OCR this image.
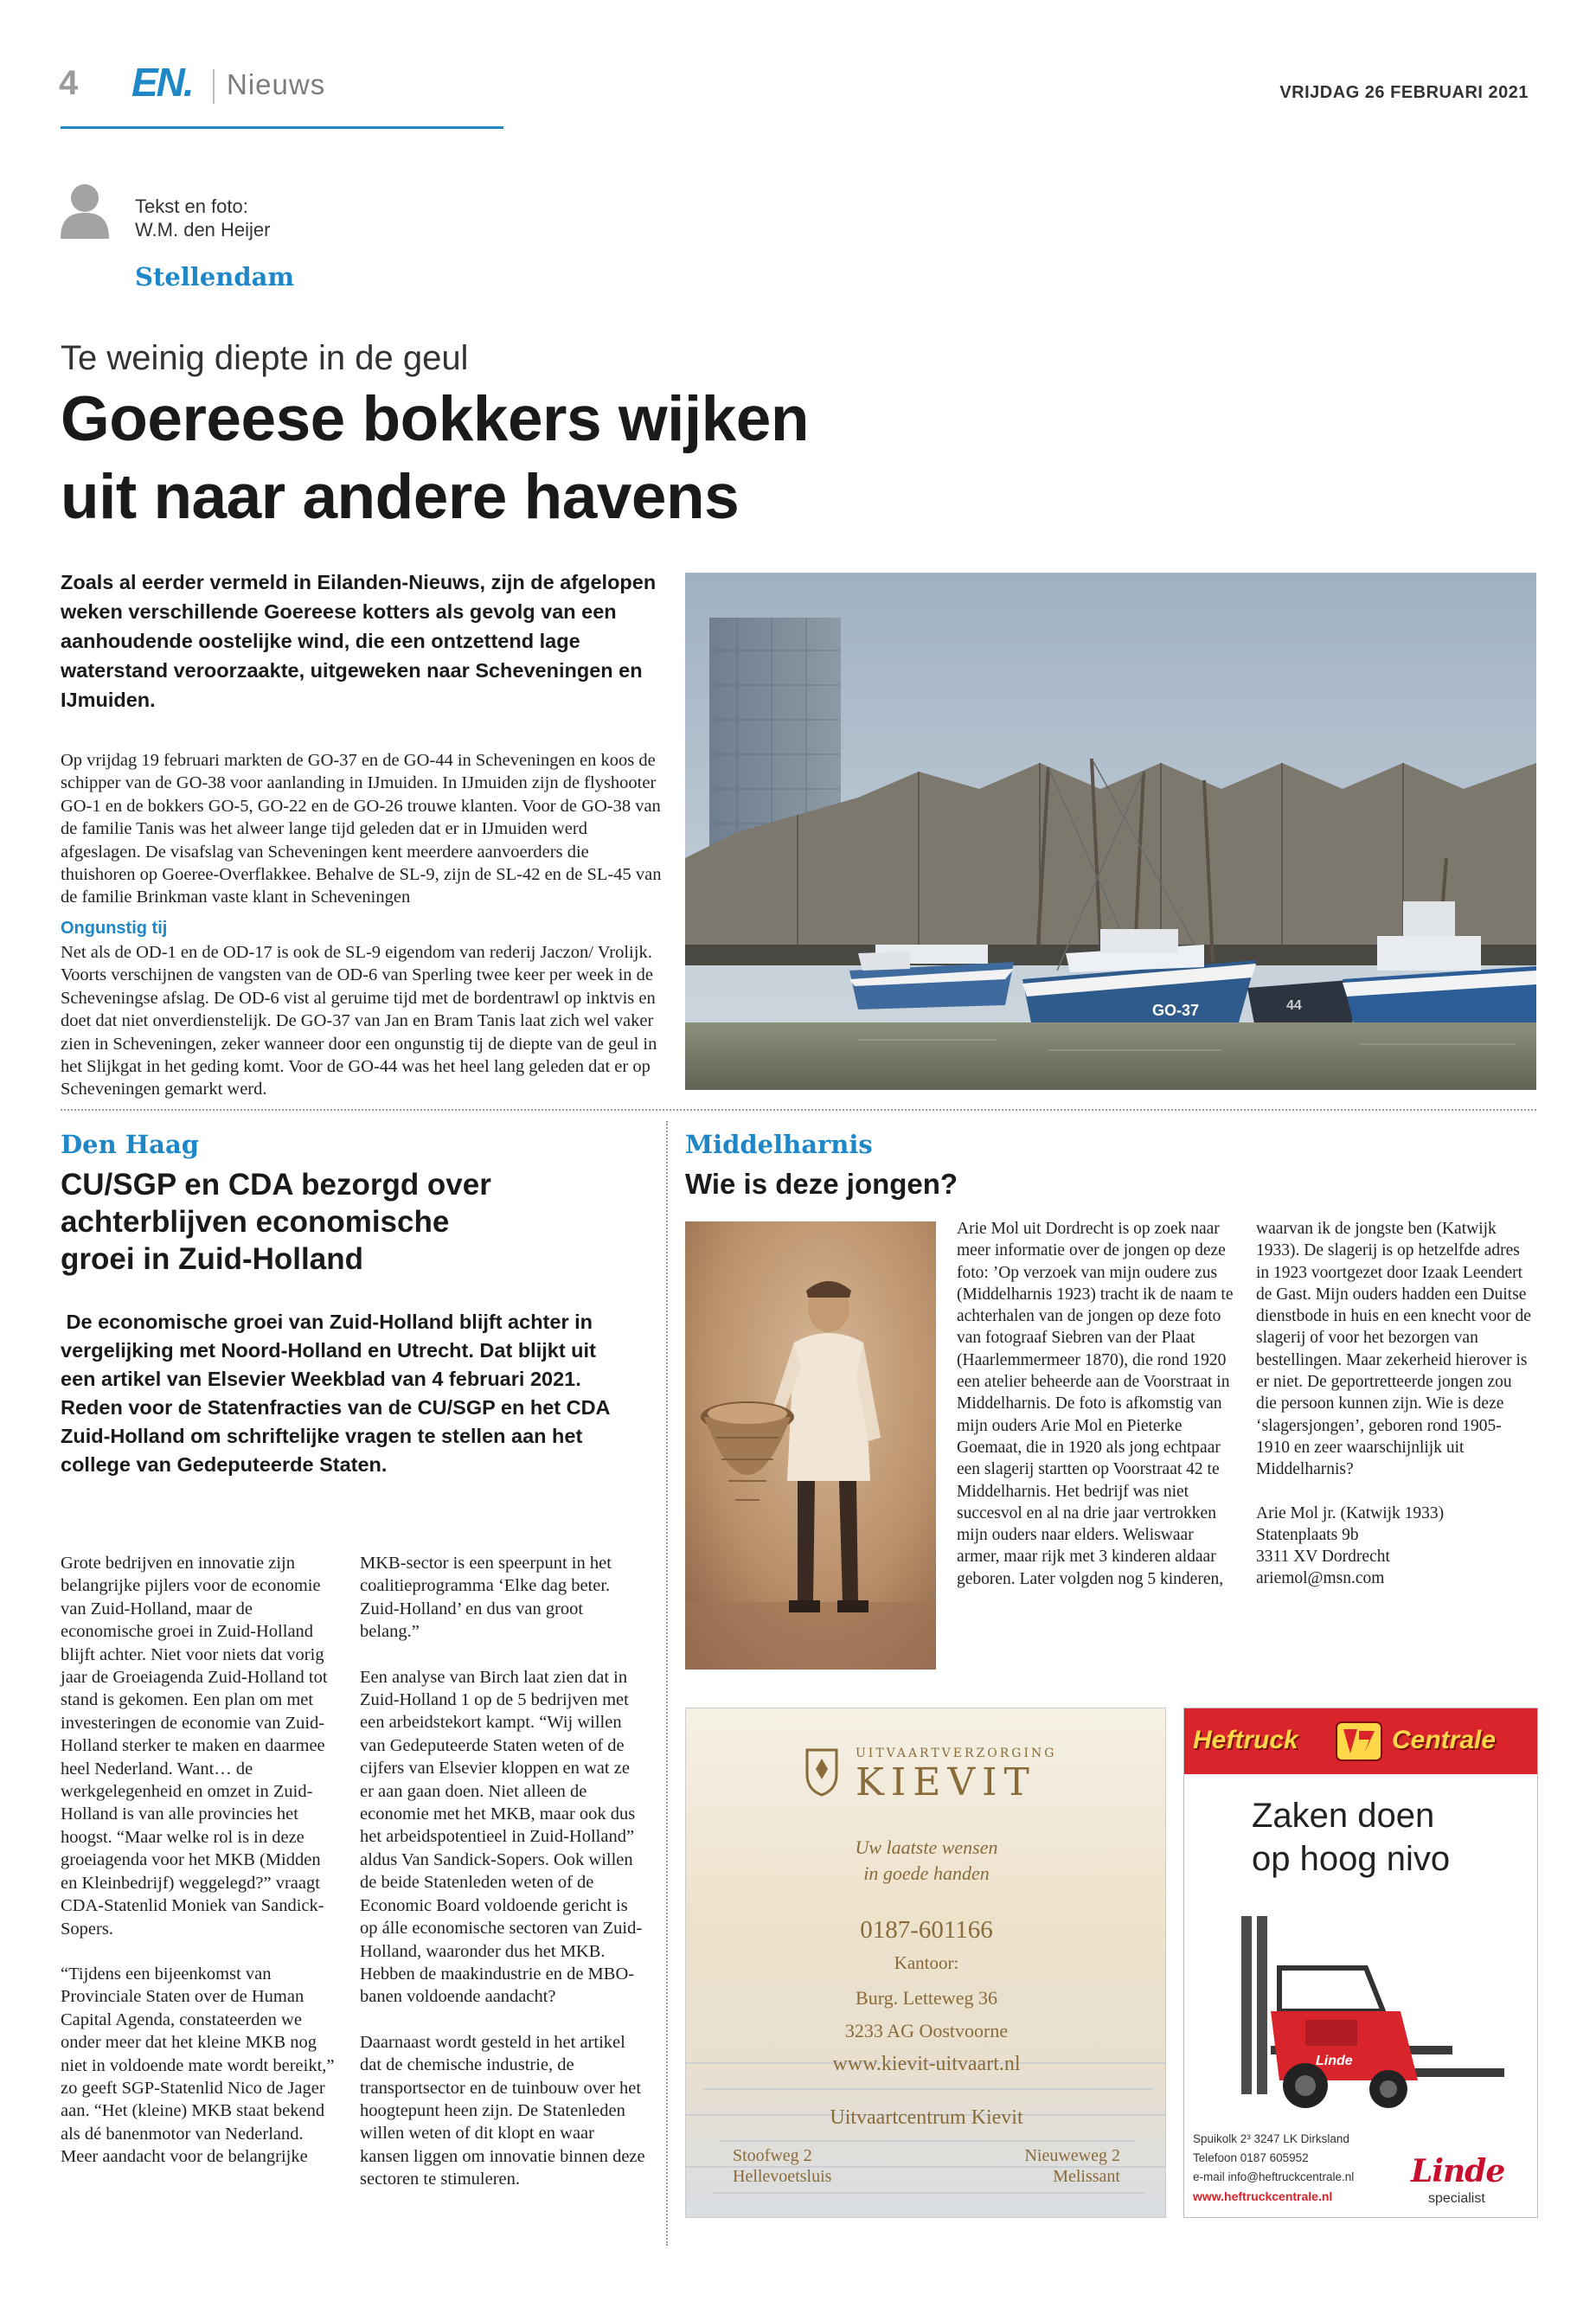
4 EN. Nieuws	VRIJDAG 26 FEBRUARI 2021
Tekst en foto:
W.M. den Heijer
Stellendam
Te weinig diepte in de geul
Goereese bokkers wijken
uit naar andere havens
Zoals al eerder vermeld in Eilanden-Nieuws, zijn de afgelopen weken verschillende Goereese kotters als gevolg van een aanhoudende oostelijke wind, die een ontzettend lage waterstand veroorzaakte, uitgeweken naar Scheveningen en IJmuiden.
Op vrijdag 19 februari markten de GO-37 en de GO-44 in Scheveningen en koos de schipper van de GO-38 voor aanlanding in IJmuiden. In IJmuiden zijn de flyshooter GO-1 en de bokkers GO-5, GO-22 en de GO-26 trouwe klanten. Voor de GO-38 van de familie Tanis was het alweer lange tijd geleden dat er in IJmuiden werd afgeslagen. De visafslag van Scheveningen kent meerdere aanvoerders die thuishoren op Goeree-Overflakkee. Behalve de SL-9, zijn de SL-42 en de SL-45 van de familie Brinkman vaste klant in Scheveningen
Ongunstig tij
Net als de OD-1 en de OD-17 is ook de SL-9 eigendom van rederij Jaczon/ Vrolijk. Voorts verschijnen de vangsten van de OD-6 van Sperling twee keer per week in de Scheveningse afslag. De OD-6 vist al geruime tijd met de bordentrawl op inktvis en doet dat niet onverdienstelijk. De GO-37 van Jan en Bram Tanis laat zich wel vaker zien in Scheveningen, zeker wanneer door een ongunstig tij de diepte van de geul in het Slijkgat in het geding komt. Voor de GO-44 was het heel lang geleden dat er op Scheveningen gemarkt werd.
GO-37	44
Den Haag
CU/SGP en CDA bezorgd over
achterblijven economische
groei in Zuid-Holland
De economische groei van Zuid-Holland blijft achter in vergelijking met Noord-Holland en Utrecht. Dat blijkt uit een artikel van Elsevier Weekblad van 4 februari 2021. Reden voor de Statenfracties van de CU/SGP en het CDA Zuid-Holland om schriftelijke vragen te stellen aan het college van Gedeputeerde Staten.

Grote bedrijven en innovatie zijn belangrijke pijlers voor de economie van Zuid-Holland, maar de economische groei in Zuid-Holland blijft achter. Niet voor niets dat vorig jaar de Groeiagenda Zuid-Holland tot stand is gekomen. Een plan om met investeringen de economie van Zuid-Holland sterker te maken en daarmee heel Nederland. Want… de werkgelegenheid en omzet in Zuid-Holland is van alle provincies het hoogst. “Maar welke rol is in deze groeiagenda voor het MKB (Midden en Kleinbedrijf) weggelegd?” vraagt CDA-Statenlid Moniek van Sandick-Sopers.

“Tijdens een bijeenkomst van Provinciale Staten over de Human Capital Agenda, constateerden we onder meer dat het kleine MKB nog niet in voldoende mate wordt bereikt,” zo geeft SGP-Statenlid Nico de Jager aan. “Het (kleine) MKB staat bekend als dé banenmotor van Nederland. Meer aandacht voor de belangrijke

MKB-sector is een speerpunt in het coalitieprogramma ‘Elke dag beter. Zuid-Holland’ en dus van groot belang.”

Een analyse van Birch laat zien dat in Zuid-Holland 1 op de 5 bedrijven met een arbeidstekort kampt. “Wij willen van Gedeputeerde Staten weten of de cijfers van Elsevier kloppen en wat ze er aan gaan doen. Niet alleen de economie met het MKB, maar ook dus het arbeidspotentieel in Zuid-Holland” aldus Van Sandick-Sopers. Ook willen de beide Statenleden weten of de Economic Board voldoende gericht is op álle economische sectoren van Zuid-Holland, waaronder dus het MKB. Hebben de maakindustrie en de MBO-banen voldoende aandacht?

Daarnaast wordt gesteld in het artikel dat de chemische industrie, de transportsector en de tuinbouw over het hoogtepunt heen zijn. De Statenleden willen weten of dit klopt en waar kansen liggen om innovatie binnen deze sectoren te stimuleren.

Middelharnis
Wie is deze jongen?
Arie Mol uit Dordrecht is op zoek naar meer informatie over de jongen op deze foto: ’Op verzoek van mijn oudere zus (Middelharnis 1923) tracht ik de naam te achterhalen van de jongen op deze foto van fotograaf Siebren van der Plaat (Haarlemmermeer 1870), die rond 1920 een atelier beheerde aan de Voorstraat in Middelharnis. De foto is afkomstig van mijn ouders Arie Mol en Pieterke Goemaat, die in 1920 als jong echtpaar een slagerij startten op Voorstraat 42 te Middelharnis. Het bedrijf was niet succesvol en al na drie jaar vertrokken mijn ouders naar elders. Weliswaar armer, maar rijk met 3 kinderen aldaar geboren. Later volgden nog 5 kinderen,
waarvan ik de jongste ben (Katwijk 1933). De slagerij is op hetzelfde adres in 1923 voortgezet door Izaak Leendert de Gast. Mijn ouders hadden een Duitse dienstbode in huis en een knecht voor de slagerij of voor het bezorgen van bestellingen. Maar zekerheid hierover is er niet. De geportretteerde jongen zou die persoon kunnen zijn. Wie is deze ‘slagersjongen’, geboren rond 1905-1910 en zeer waarschijnlijk uit Middelharnis?
Arie Mol jr. (Katwijk 1933)
Statenplaats 9b
3311 XV Dordrecht
ariemol@msn.com
UITVAARTVERZORGING
KIEVIT
Uw laatste wensen
in goede handen
0187-601166
Kantoor:
Burg. Letteweg 36
3233 AG Oostvoorne
www.kievit-uitvaart.nl
Uitvaartcentrum Kievit
Stoofweg 2
Hellevoetsluis
Nieuweweg 2
Melissant
Heftruck	Centrale
Zaken doen
op hoog nivo
Linde
Spuikolk 2³ 3247 LK Dirksland
Telefoon 0187 605952
e-mail info@heftruckcentrale.nl
www.heftruckcentrale.nl
Linde
specialist
